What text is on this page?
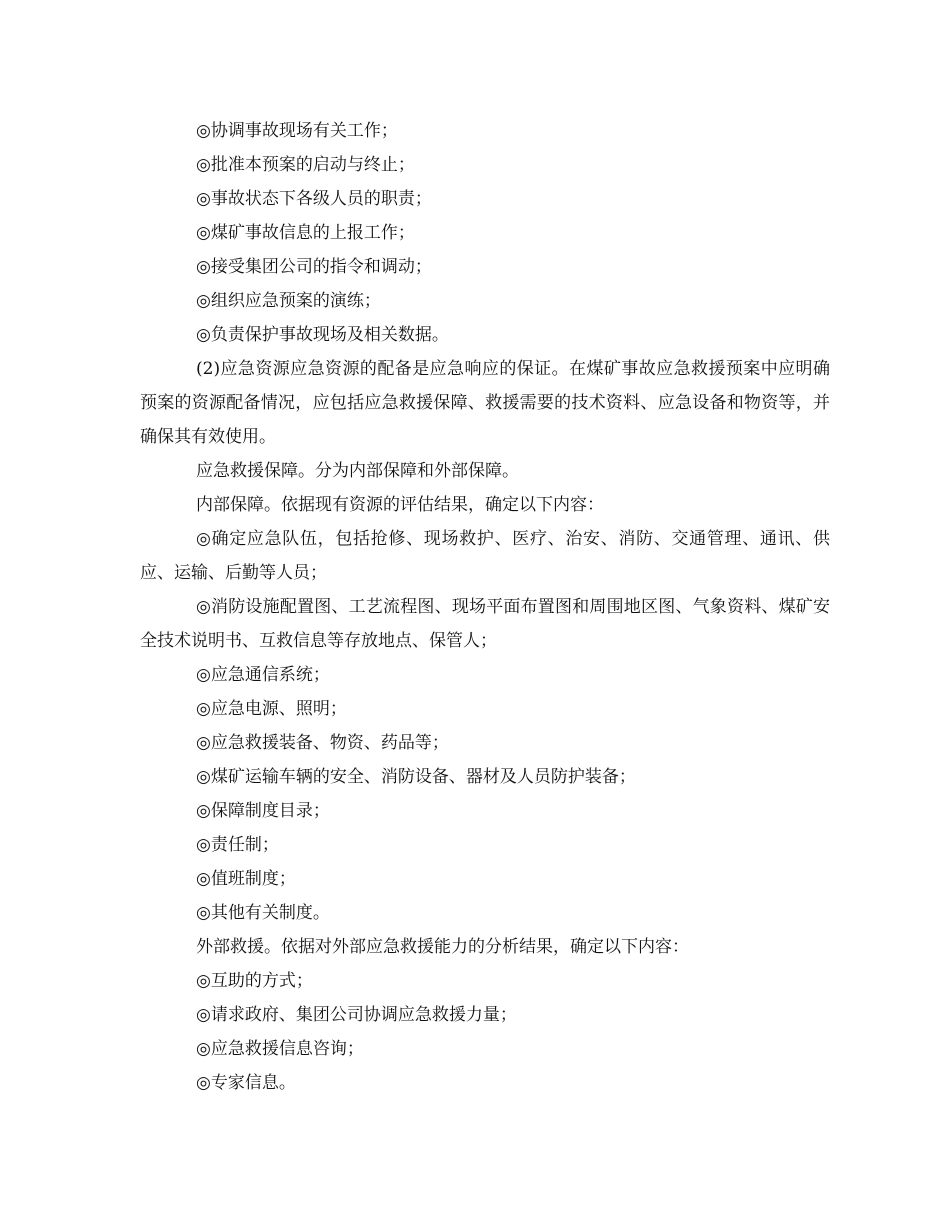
◎协调事故现场有关工作；

◎批准本预案的启动与终止；

◎事故状态下各级人员的职责；

◎煤矿事故信息的上报工作；

◎接受集团公司的指令和调动；

◎组织应急预案的演练；

◎负责保护事故现场及相关数据。

(2)应急资源应急资源的配备是应急响应的保证。在煤矿事故应急救援预案中应明确预案的资源配备情况，应包括应急救援保障、救援需要的技术资料、应急设备和物资等，并确保其有效使用。

应急救援保障。分为内部保障和外部保障。

内部保障。依据现有资源的评估结果，确定以下内容：

◎确定应急队伍，包括抢修、现场救护、医疗、治安、消防、交通管理、通讯、供应、运输、后勤等人员；

◎消防设施配置图、工艺流程图、现场平面布置图和周围地区图、气象资料、煤矿安全技术说明书、互救信息等存放地点、保管人；

◎应急通信系统；

◎应急电源、照明；

◎应急救援装备、物资、药品等；

◎煤矿运输车辆的安全、消防设备、器材及人员防护装备；

◎保障制度目录；

◎责任制；

◎值班制度；

◎其他有关制度。

外部救援。依据对外部应急救援能力的分析结果，确定以下内容：

◎互助的方式；

◎请求政府、集团公司协调应急救援力量；

◎应急救援信息咨询；

◎专家信息。
